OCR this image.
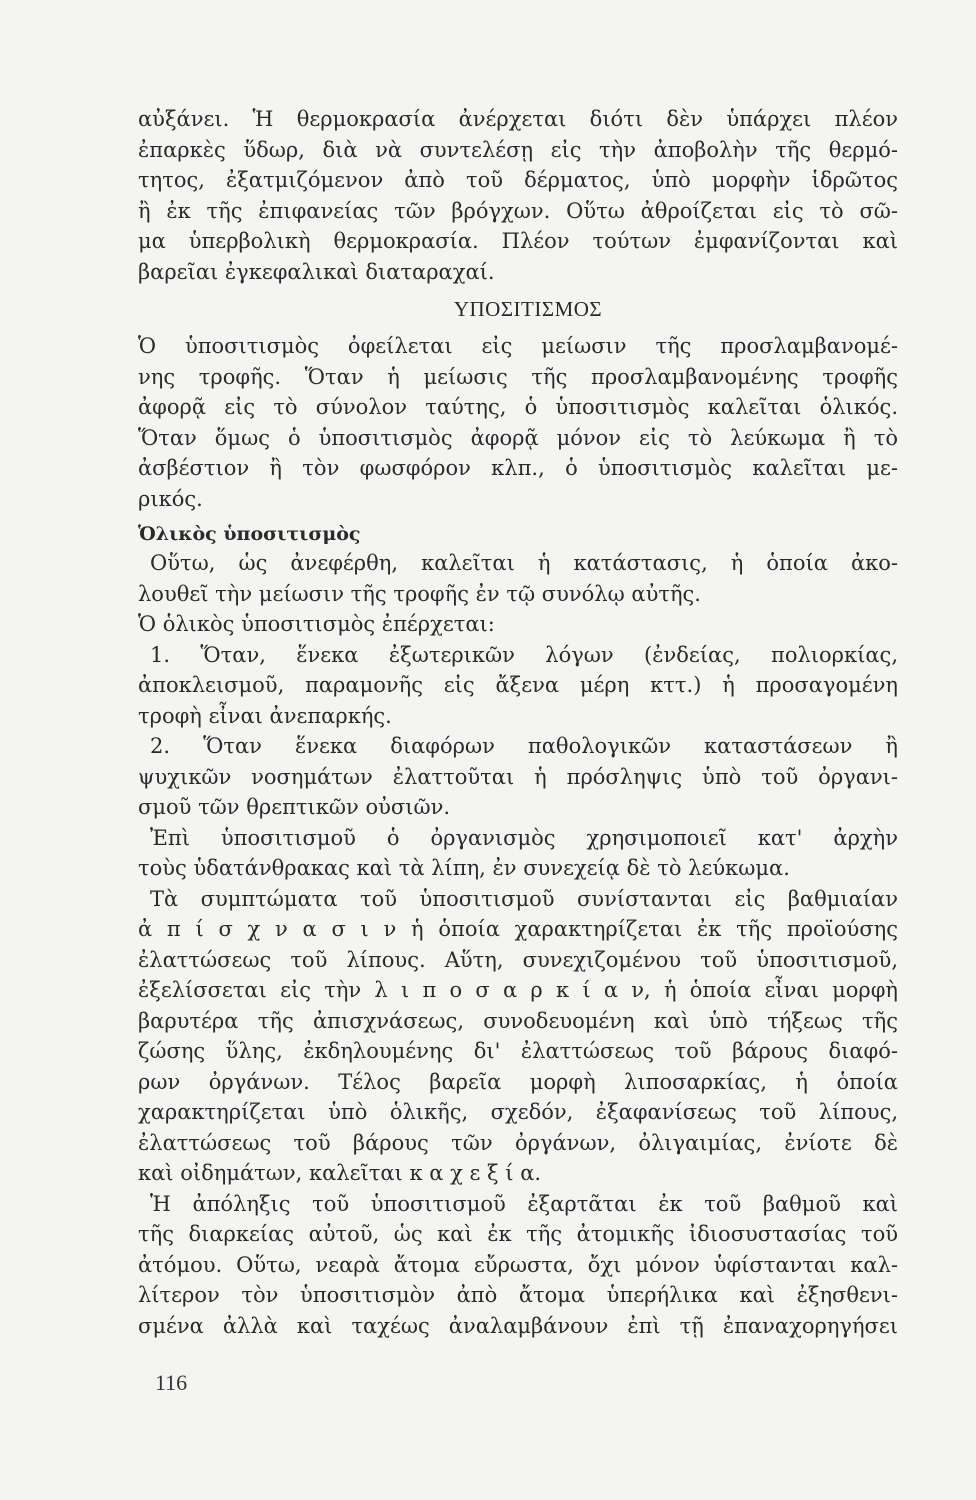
αὐξάνει. Ἡ θερμοκρασία ἀνέρχεται διότι δὲν ὑπάρχει πλέον
ἐπαρκὲς ὕδωρ, διὰ νὰ συντελέσῃ εἰς τὴν ἀποβολὴν τῆς θερμό-
τητος, ἐξατμιζόμενον ἀπὸ τοῦ δέρματος, ὑπὸ μορφὴν ἱδρῶτος
ἢ ἐκ τῆς ἐπιφανείας τῶν βρόγχων. Οὕτω ἀθροίζεται εἰς τὸ σῶ-
μα ὑπερβολικὴ θερμοκρασία. Πλέον τούτων ἐμφανίζονται καὶ
βαρεῖαι ἐγκεφαλικαὶ διαταραχαί.
ΥΠΟΣΙΤΙΣΜΟΣ
Ὁ ὑποσιτισμὸς ὀφείλεται εἰς μείωσιν τῆς προσλαμβανομέ-
νης τροφῆς. Ὅταν ἡ μείωσις τῆς προσλαμβανομένης τροφῆς
ἀφορᾷ εἰς τὸ σύνολον ταύτης, ὁ ὑποσιτισμὸς καλεῖται ὁλικός.
Ὅταν ὅμως ὁ ὑποσιτισμὸς ἀφορᾷ μόνον εἰς τὸ λεύκωμα ἢ τὸ
ἀσβέστιον ἢ τὸν φωσφόρον κλπ., ὁ ὑποσιτισμὸς καλεῖται με-
ρικός.
Ὁλικὸς ὑποσιτισμὸς
Οὕτω, ὡς ἀνεφέρθη, καλεῖται ἡ κατάστασις, ἡ ὁποία ἀκο-
λουθεῖ τὴν μείωσιν τῆς τροφῆς ἐν τῷ συνόλῳ αὐτῆς.
Ὁ ὁλικὸς ὑποσιτισμὸς ἐπέρχεται:
1. Ὅταν, ἕνεκα ἐξωτερικῶν λόγων (ἐνδείας, πολιορκίας,
ἀποκλεισμοῦ, παραμονῆς εἰς ἄξενα μέρη κττ.) ἡ προσαγομένη
τροφὴ εἶναι ἀνεπαρκής.
2. Ὅταν ἕνεκα διαφόρων παθολογικῶν καταστάσεων ἢ
ψυχικῶν νοσημάτων ἐλαττοῦται ἡ πρόσληψις ὑπὸ τοῦ ὀργανι-
σμοῦ τῶν θρεπτικῶν οὐσιῶν.
Ἐπὶ ὑποσιτισμοῦ ὁ ὀργανισμὸς χρησιμοποιεῖ κατ' ἀρχὴν
τοὺς ὑδατάνθρακας καὶ τὰ λίπη, ἐν συνεχείᾳ δὲ τὸ λεύκωμα.
Τὰ συμπτώματα τοῦ ὑποσιτισμοῦ συνίστανται εἰς βαθμιαίαν
ἀ π ί σ χ ν α σ ι ν ἡ ὁποία χαρακτηρίζεται ἐκ τῆς προϊούσης
ἐλαττώσεως τοῦ λίπους. Αὕτη, συνεχιζομένου τοῦ ὑποσιτισμοῦ,
ἐξελίσσεται εἰς τὴν λ ι π ο σ α ρ κ ί α ν, ἡ ὁποία εἶναι μορφὴ
βαρυτέρα τῆς ἀπισχνάσεως, συνοδευομένη καὶ ὑπὸ τήξεως τῆς
ζώσης ὕλης, ἐκδηλουμένης δι' ἐλαττώσεως τοῦ βάρους διαφό-
ρων ὀργάνων. Τέλος βαρεῖα μορφὴ λιποσαρκίας, ἡ ὁποία
χαρακτηρίζεται ὑπὸ ὁλικῆς, σχεδόν, ἐξαφανίσεως τοῦ λίπους,
ἐλαττώσεως τοῦ βάρους τῶν ὀργάνων, ὀλιγαιμίας, ἐνίοτε δὲ
καὶ οἰδημάτων, καλεῖται κ α χ ε ξ ί α.
Ἡ ἀπόληξις τοῦ ὑποσιτισμοῦ ἐξαρτᾶται ἐκ τοῦ βαθμοῦ καὶ
τῆς διαρκείας αὐτοῦ, ὡς καὶ ἐκ τῆς ἀτομικῆς ἰδιοσυστασίας τοῦ
ἀτόμου. Οὕτω, νεαρὰ ἄτομα εὔρωστα, ὄχι μόνον ὑφίστανται καλ-
λίτερον τὸν ὑποσιτισμὸν ἀπὸ ἄτομα ὑπερήλικα καὶ ἐξησθενι-
σμένα ἀλλὰ καὶ ταχέως ἀναλαμβάνουν ἐπὶ τῇ ἐπαναχορηγήσει
116
